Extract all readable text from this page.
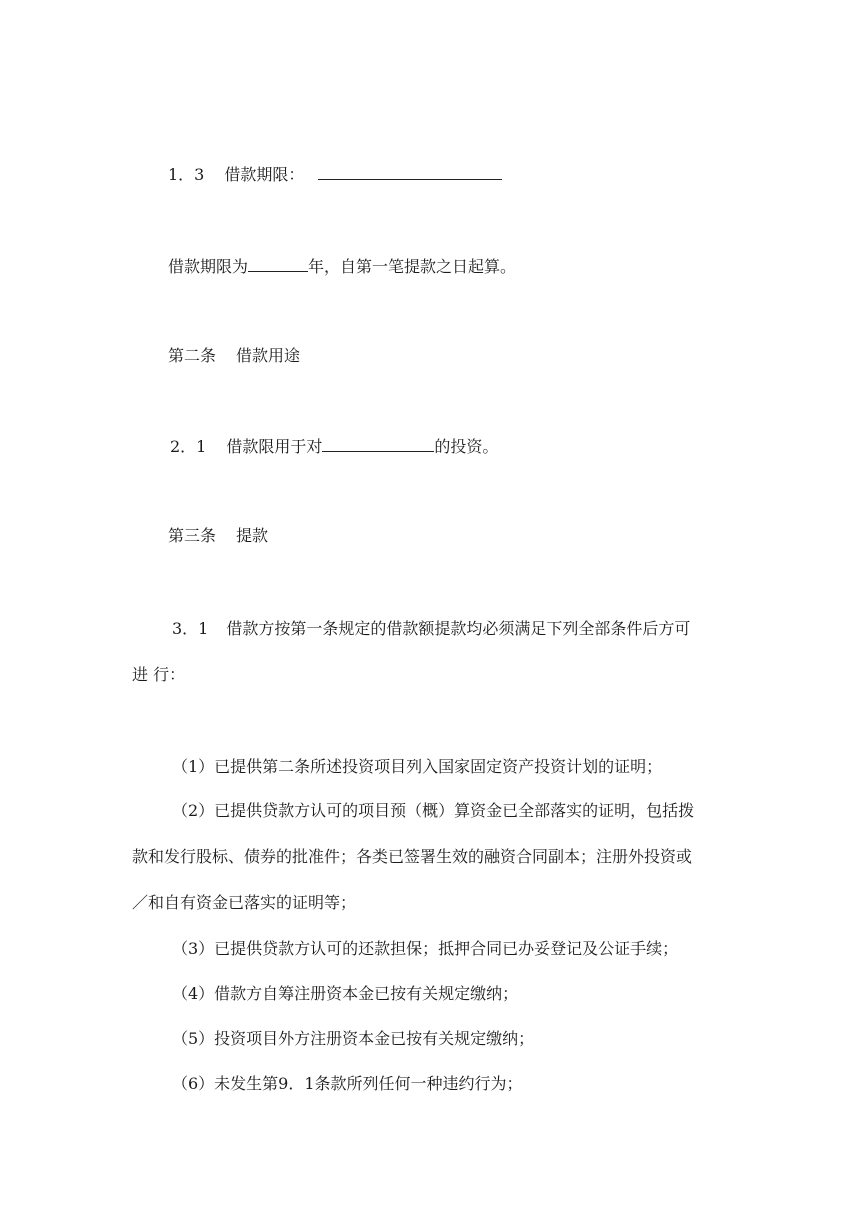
1．3 借款期限：
借款期限为	年，自第一笔提款之日起算。
第二条 借款用途
2．1 借款限用于对	的投资。
第三条 提款
3．1 借款方按第一条规定的借款额提款均必须满足下列全部条件后方可
进 行：
（1）已提供第二条所述投资项目列入国家固定资产投资计划的证明；
（2）已提供贷款方认可的项目预（概）算资金已全部落实的证明，包括拨
款和发行股标、债券的批准件；各类已签署生效的融资合同副本；注册外投资或
／和自有资金已落实的证明等；
（3）已提供贷款方认可的还款担保；抵押合同已办妥登记及公证手续；
（4）借款方自筹注册资本金已按有关规定缴纳；
（5）投资项目外方注册资本金已按有关规定缴纳；
（6）未发生第9．1条款所列任何一种违约行为；
